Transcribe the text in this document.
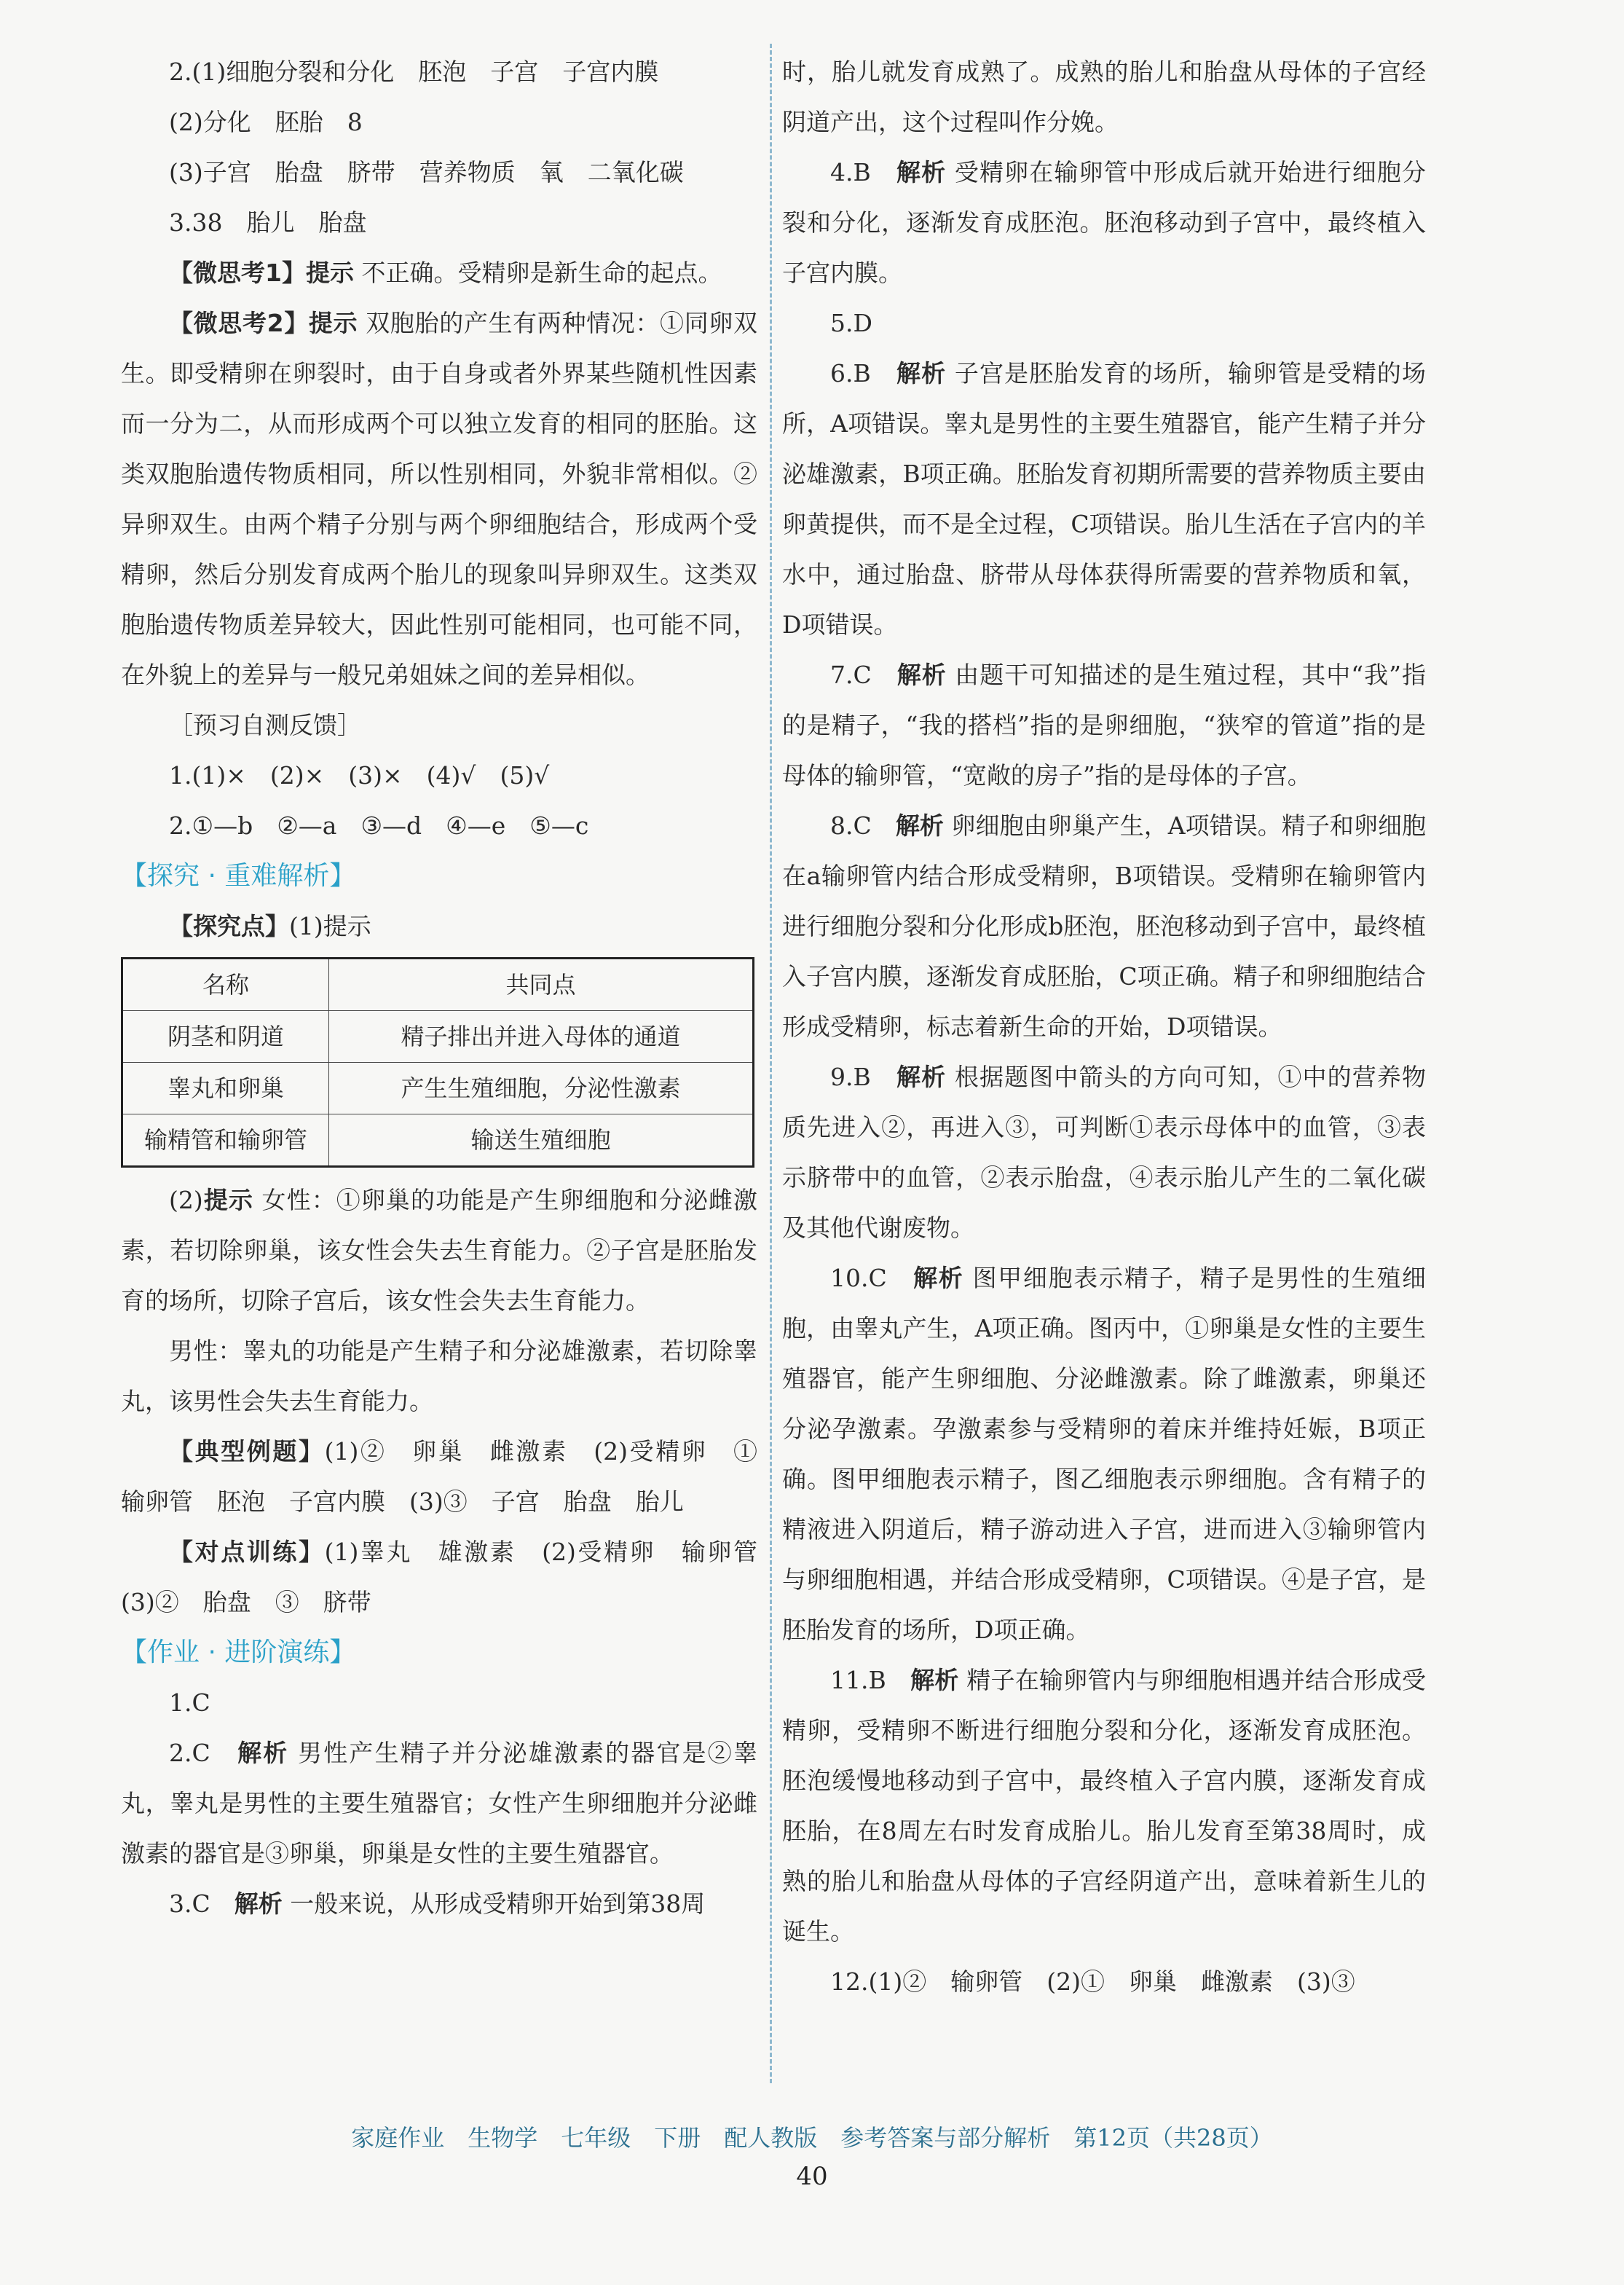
2.(1)细胞分裂和分化　胚泡　子宫　子宫内膜

(2)分化　胚胎　8

(3)子宫　胎盘　脐带　营养物质　氧　二氧化碳

3.38　胎儿　胎盘

【微思考1】提示 不正确。受精卵是新生命的起点。

【微思考2】提示 双胞胎的产生有两种情况：①同卵双生。即受精卵在卵裂时，由于自身或者外界某些随机性因素而一分为二，从而形成两个可以独立发育的相同的胚胎。这类双胞胎遗传物质相同，所以性别相同，外貌非常相似。②异卵双生。由两个精子分别与两个卵细胞结合，形成两个受精卵，然后分别发育成两个胎儿的现象叫异卵双生。这类双胞胎遗传物质差异较大，因此性别可能相同，也可能不同，在外貌上的差异与一般兄弟姐妹之间的差异相似。

［预习自测反馈］

1.(1)×　(2)×　(3)×　(4)√　(5)√

2.①—b　②—a　③—d　④—e　⑤—c

【探究 · 重难解析】

【探究点】(1)提示

名称	共同点
阴茎和阴道	精子排出并进入母体的通道
睾丸和卵巢	产生生殖细胞，分泌性激素
输精管和输卵管	输送生殖细胞

(2)提示 女性：①卵巢的功能是产生卵细胞和分泌雌激素，若切除卵巢，该女性会失去生育能力。②子宫是胚胎发育的场所，切除子宫后，该女性会失去生育能力。

男性：睾丸的功能是产生精子和分泌雄激素，若切除睾丸，该男性会失去生育能力。

【典型例题】(1)②　卵巢　雌激素　(2)受精卵　①　输卵管　胚泡　子宫内膜　(3)③　子宫　胎盘　胎儿

【对点训练】(1)睾丸　雄激素　(2)受精卵　输卵管　(3)②　胎盘　③　脐带

【作业 · 进阶演练】

1.C

2.C　解析 男性产生精子并分泌雄激素的器官是②睾丸，睾丸是男性的主要生殖器官；女性产生卵细胞并分泌雌激素的器官是③卵巢，卵巢是女性的主要生殖器官。

3.C　解析 一般来说，从形成受精卵开始到第38周

时，胎儿就发育成熟了。成熟的胎儿和胎盘从母体的子宫经阴道产出，这个过程叫作分娩。

4.B　解析 受精卵在输卵管中形成后就开始进行细胞分裂和分化，逐渐发育成胚泡。胚泡移动到子宫中，最终植入子宫内膜。

5.D

6.B　解析 子宫是胚胎发育的场所，输卵管是受精的场所，A项错误。睾丸是男性的主要生殖器官，能产生精子并分泌雄激素，B项正确。胚胎发育初期所需要的营养物质主要由卵黄提供，而不是全过程，C项错误。胎儿生活在子宫内的羊水中，通过胎盘、脐带从母体获得所需要的营养物质和氧，D项错误。

7.C　解析 由题干可知描述的是生殖过程，其中“我”指的是精子，“我的搭档”指的是卵细胞，“狭窄的管道”指的是母体的输卵管，“宽敞的房子”指的是母体的子宫。

8.C　解析 卵细胞由卵巢产生，A项错误。精子和卵细胞在a输卵管内结合形成受精卵，B项错误。受精卵在输卵管内进行细胞分裂和分化形成b胚泡，胚泡移动到子宫中，最终植入子宫内膜，逐渐发育成胚胎，C项正确。精子和卵细胞结合形成受精卵，标志着新生命的开始，D项错误。

9.B　解析 根据题图中箭头的方向可知，①中的营养物质先进入②，再进入③，可判断①表示母体中的血管，③表示脐带中的血管，②表示胎盘，④表示胎儿产生的二氧化碳及其他代谢废物。

10.C　解析 图甲细胞表示精子，精子是男性的生殖细胞，由睾丸产生，A项正确。图丙中，①卵巢是女性的主要生殖器官，能产生卵细胞、分泌雌激素。除了雌激素，卵巢还分泌孕激素。孕激素参与受精卵的着床并维持妊娠，B项正确。图甲细胞表示精子，图乙细胞表示卵细胞。含有精子的精液进入阴道后，精子游动进入子宫，进而进入③输卵管内与卵细胞相遇，并结合形成受精卵，C项错误。④是子宫，是胚胎发育的场所，D项正确。

11.B　解析 精子在输卵管内与卵细胞相遇并结合形成受精卵，受精卵不断进行细胞分裂和分化，逐渐发育成胚泡。胚泡缓慢地移动到子宫中，最终植入子宫内膜，逐渐发育成胚胎，在8周左右时发育成胎儿。胎儿发育至第38周时，成熟的胎儿和胎盘从母体的子宫经阴道产出，意味着新生儿的诞生。

12.(1)②　输卵管　(2)①　卵巢　雌激素　(3)③

家庭作业　生物学　七年级　下册　配人教版　参考答案与部分解析　第12页（共28页）
40
